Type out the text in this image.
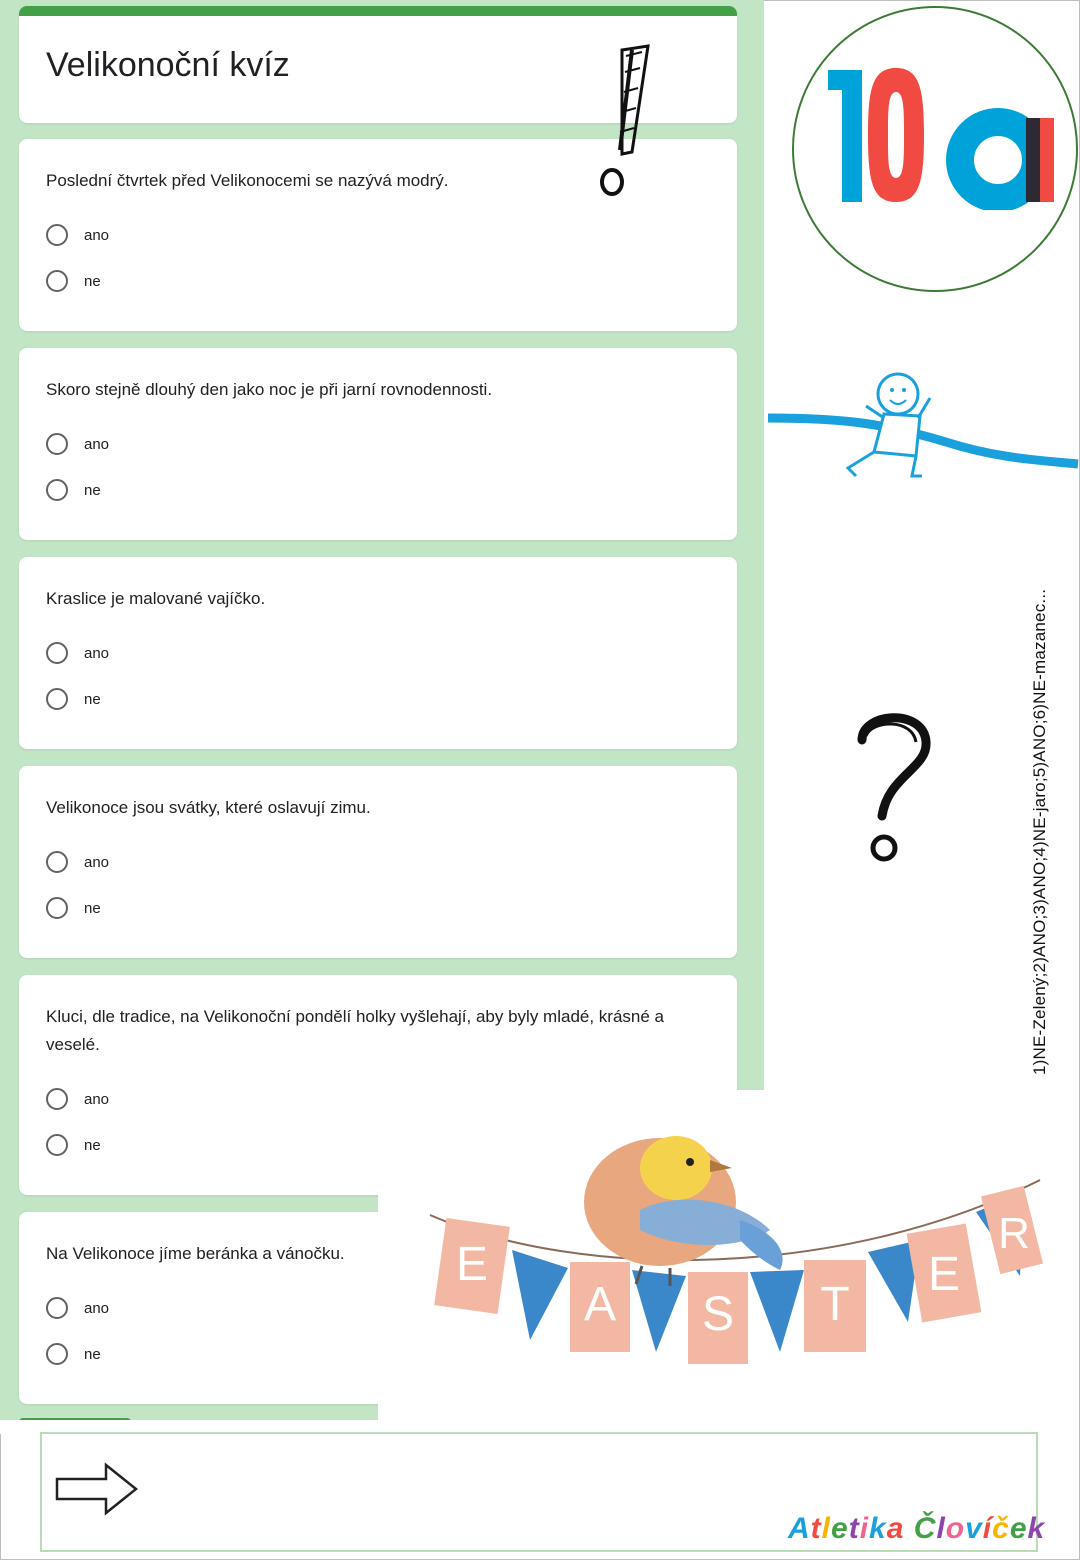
Velikonoční kvíz
Poslední čtvrtek před Velikonocemi se nazývá modrý.
ano
ne
Skoro stejně dlouhý den jako noc je při jarní rovnodennosti.
ano
ne
Kraslice je malované vajíčko.
ano
ne
Velikonoce jsou svátky, které oslavují zimu.
ano
ne
Kluci, dle tradice, na Velikonoční pondělí holky vyšlehají, aby byly mladé, krásné a veselé.
ano
ne
Na Velikonoce jíme beránka a vánočku.
ano
ne
10a
1)NE-Zelený;2)ANO;3)ANO;4)NE-jaro;5)ANO;6)NE-mazanec...
E
A S T
E
R
Atletika Človíček
